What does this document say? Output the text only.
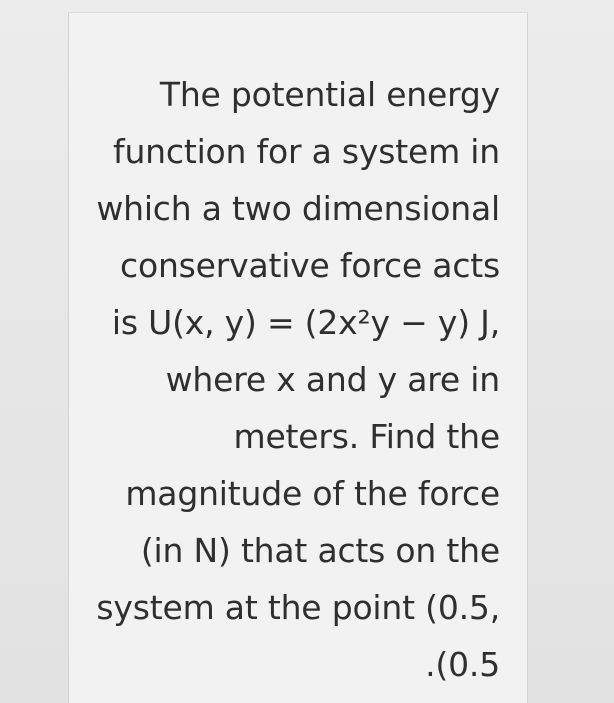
The potential energy
function for a system in
which a two dimensional
conservative force acts
is U(x, y) = (2x²y − y) J,
where x and y are in
meters. Find the
magnitude of the force
(in N) that acts on the
system at the point (0.5,
.(0.5
